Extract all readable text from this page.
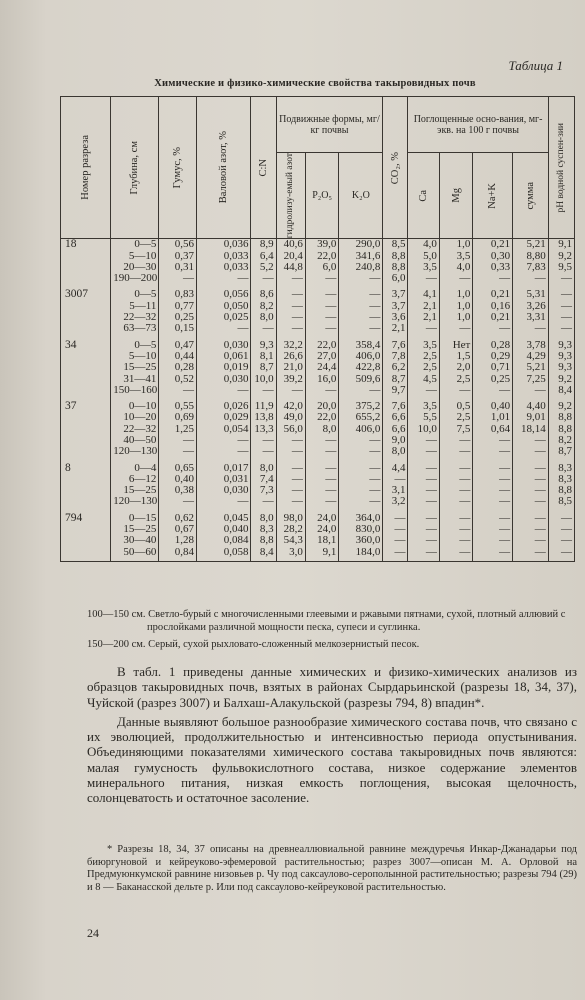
Таблица 1
Химические и физико-химические свойства такыровидных почв
Номер разреза	Глубина, см	Гумус, %	Валовой азот, %	C:N	Подвижные формы, мг/кг почвы			CO₂, %	Поглощенные осно-вания, мг-экв. на 100 г почвы				pH водной суспен-зии

					гидролизу-емый азот	P₂O₅	K₂O		Ca	Mg	Na+K	сумма	

18	0—5	0,56	0,036	8,9	40,6	39,0	290,0	8,5	4,0	1,0	0,21	5,21	9,1
	5—10	0,37	0,033	6,4	20,4	22,0	341,6	8,8	5,0	3,5	0,30	8,80	9,2
	20—30	0,31	0,033	5,2	44,8	6,0	240,8	8,8	3,5	4,0	0,33	7,83	9,5
	190—200	—	—	—	—	—	—	6,0	—	—	—	—	—
3007	0—5	0,83	0,056	8,6	—	—	—	3,7	4,1	1,0	0,21	5,31	—
	5—11	0,77	0,050	8,2	—	—	—	3,7	2,1	1,0	0,16	3,26	—
	22—32	0,25	0,025	8,0	—	—	—	3,6	2,1	1,0	0,21	3,31	—
	63—73	0,15	—	—	—	—	—	2,1	—	—	—	—	—
34	0—5	0,47	0,030	9,3	32,2	22,0	358,4	7,6	3,5	Нет	0,28	3,78	9,3
	5—10	0,44	0,061	8,1	26,6	27,0	406,0	7,8	2,5	1,5	0,29	4,29	9,3
	15—25	0,28	0,019	8,7	21,0	24,4	422,8	6,2	2,5	2,0	0,71	5,21	9,3
	31—41	0,52	0,030	10,0	39,2	16,0	509,6	8,7	4,5	2,5	0,25	7,25	9,2
	150—160	—	—	—	—	—	—	9,7	—	—	—	—	8,4
37	0—10	0,55	0,026	11,9	42,0	20,0	375,2	7,6	3,5	0,5	0,40	4,40	9,2
	10—20	0,69	0,029	13,8	49,0	22,0	655,2	6,6	5,5	2,5	1,01	9,01	8,8
	22—32	1,25	0,054	13,3	56,0	8,0	406,0	6,6	10,0	7,5	0,64	18,14	8,8
	40—50	—	—	—	—	—	—	9,0	—	—	—	—	8,2
	120—130	—	—	—	—	—	—	8,0	—	—	—	—	8,7
8	0—4	0,65	0,017	8,0	—	—	—	4,4	—	—	—	—	8,3
	6—12	0,40	0,031	7,4	—	—	—	—	—	—	—	—	8,3
	15—25	0,38	0,030	7,3	—	—	—	3,1	—	—	—	—	8,8
	120—130	—	—	—	—	—	—	3,2	—	—	—	—	8,5
794	0—15	0,62	0,045	8,0	98,0	24,0	364,0	—	—	—	—	—	—
	15—25	0,67	0,040	8,3	28,2	24,0	830,0	—	—	—	—	—	—
	30—40	1,28	0,084	8,8	54,3	18,1	360,0	—	—	—	—	—	—
	50—60	0,84	0,058	8,4	3,0	9,1	184,0	—	—	—	—	—	—

100—150 см. Светло-бурый с многочисленными глеевыми и ржавыми пятнами, сухой, плотный аллювий с прослойками различной мощности песка, супеси и суглинка.

150—200 см. Серый, сухой рыхловато-сложенный мелкозернистый песок.

В табл. 1 приведены данные химических и физико-химических анализов из образцов такыровидных почв, взятых в районах Сырдарьинской (разрезы 18, 34, 37), Чуйской (разрез 3007) и Балхаш-Алакульской (разрезы 794, 8) впадин*.

Данные выявляют большое разнообразие химического состава почв, что связано с их эволюцией, продолжительностью и интенсивностью периода опустынивания. Объединяющими показателями химического состава такыровидных почв являются: малая гумусность фульвокислотного состава, низкое содержание элементов минерального питания, низкая емкость поглощения, высокая щелочность, солонцеватость и остаточное засоление.

* Разрезы 18, 34, 37 описаны на древнеаллювиальной равнине междуречья Инкар-Джанадарьи под биюргуновой и кейреуково-эфемеровой растительностью; разрез 3007—описан М. А. Орловой на Предмуюнкумской равнине низовьев р. Чу под саксаулово-серополынной растительностью; разрезы 794 (29) и 8 — Баканасской дельте р. Или под саксаулово-кейреуковой растительностью.

24
